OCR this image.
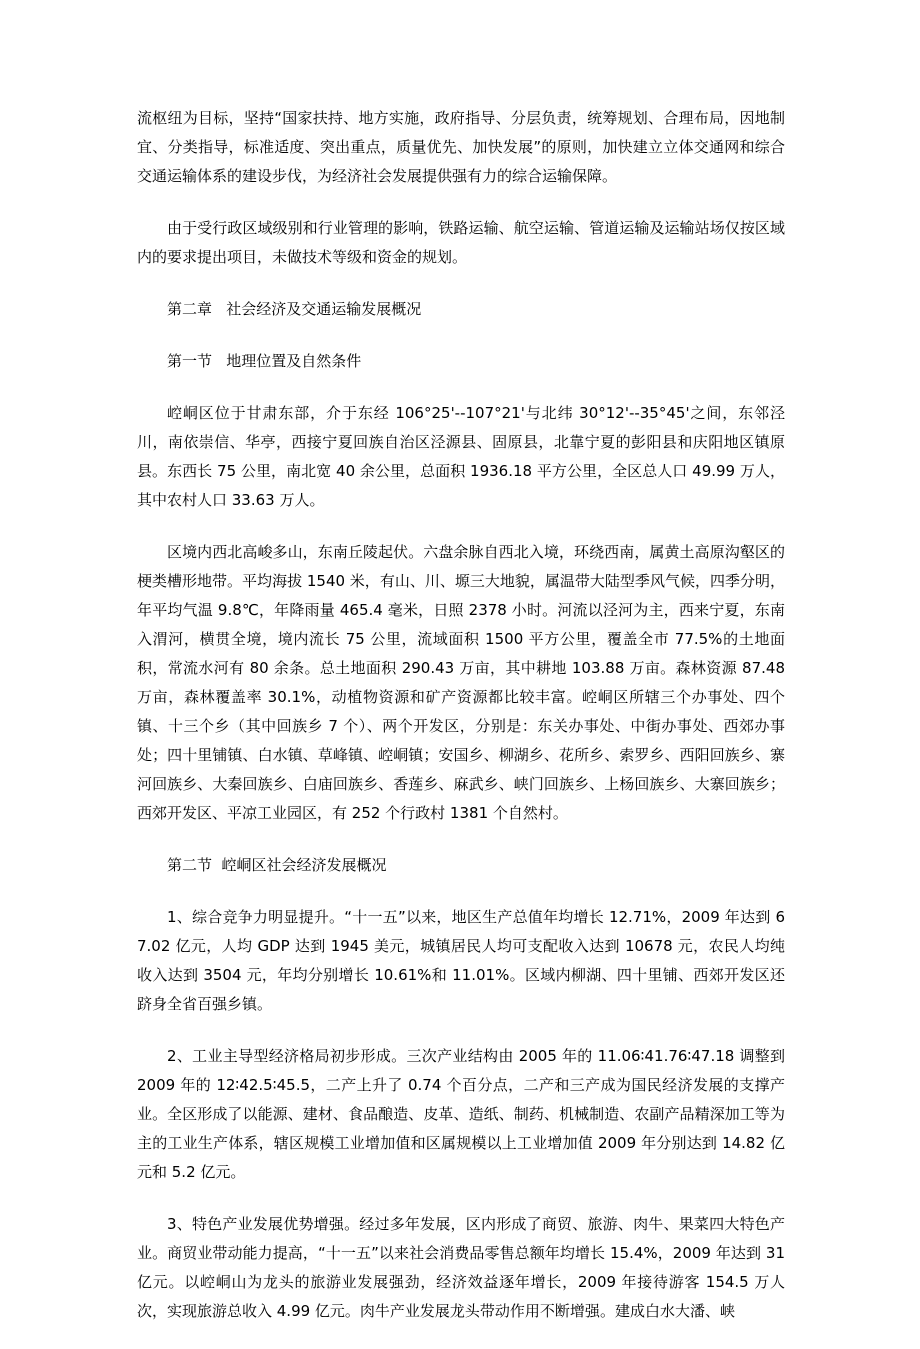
流枢纽为目标，坚持“国家扶持、地方实施，政府指导、分层负责，统筹规划、合理布局，因地制宜、分类指导，标准适度、突出重点，质量优先、加快发展”的原则，加快建立立体交通网和综合交通运输体系的建设步伐，为经济社会发展提供强有力的综合运输保障。

由于受行政区域级别和行业管理的影响，铁路运输、航空运输、管道运输及运输站场仅按区域内的要求提出项目，未做技术等级和资金的规划。

第二章   社会经济及交通运输发展概况

第一节   地理位置及自然条件

崆峒区位于甘肃东部，介于东经 106°25'--107°21'与北纬 30°12'--35°45'之间，东邻泾川，南依崇信、华亭，西接宁夏回族自治区泾源县、固原县，北靠宁夏的彭阳县和庆阳地区镇原县。东西长 75 公里，南北宽 40 余公里，总面积 1936.18 平方公里，全区总人口 49.99 万人，其中农村人口 33.63 万人。

区境内西北高峻多山，东南丘陵起伏。六盘余脉自西北入境，环绕西南，属黄土高原沟壑区的梗类槽形地带。平均海拔 1540 米，有山、川、塬三大地貌，属温带大陆型季风气候，四季分明，年平均气温 9.8℃，年降雨量 465.4 毫米，日照 2378 小时。河流以泾河为主，西来宁夏，东南入渭河，横贯全境，境内流长 75 公里，流域面积 1500 平方公里，覆盖全市 77.5%的土地面积，常流水河有 80 余条。总土地面积 290.43 万亩，其中耕地 103.88 万亩。森林资源 87.48 万亩，森林覆盖率 30.1%，动植物资源和矿产资源都比较丰富。崆峒区所辖三个办事处、四个镇、十三个乡（其中回族乡 7 个）、两个开发区，分别是：东关办事处、中街办事处、西郊办事处；四十里铺镇、白水镇、草峰镇、崆峒镇；安国乡、柳湖乡、花所乡、索罗乡、西阳回族乡、寨河回族乡、大秦回族乡、白庙回族乡、香莲乡、麻武乡、峡门回族乡、上杨回族乡、大寨回族乡；西郊开发区、平凉工业园区，有 252 个行政村 1381 个自然村。

第二节  崆峒区社会经济发展概况

1、综合竞争力明显提升。“十一五”以来，地区生产总值年均增长 12.71%，2009 年达到 67.02 亿元，人均 GDP 达到 1945 美元，城镇居民人均可支配收入达到 10678 元，农民人均纯收入达到 3504 元，年均分别增长 10.61%和 11.01%。区域内柳湖、四十里铺、西郊开发区还跻身全省百强乡镇。

2、工业主导型经济格局初步形成。三次产业结构由 2005 年的 11.06∶41.76∶47.18 调整到 2009 年的 12∶42.5∶45.5，二产上升了 0.74 个百分点，二产和三产成为国民经济发展的支撑产业。全区形成了以能源、建材、食品酿造、皮革、造纸、制药、机械制造、农副产品精深加工等为主的工业生产体系，辖区规模工业增加值和区属规模以上工业增加值 2009 年分别达到 14.82 亿元和 5.2 亿元。

3、特色产业发展优势增强。经过多年发展，区内形成了商贸、旅游、肉牛、果菜四大特色产业。商贸业带动能力提高，“十一五”以来社会消费品零售总额年均增长 15.4%，2009 年达到 31 亿元。以崆峒山为龙头的旅游业发展强劲，经济效益逐年增长，2009 年接待游客 154.5 万人次，实现旅游总收入 4.99 亿元。肉牛产业发展龙头带动作用不断增强。建成白水大潘、峡
